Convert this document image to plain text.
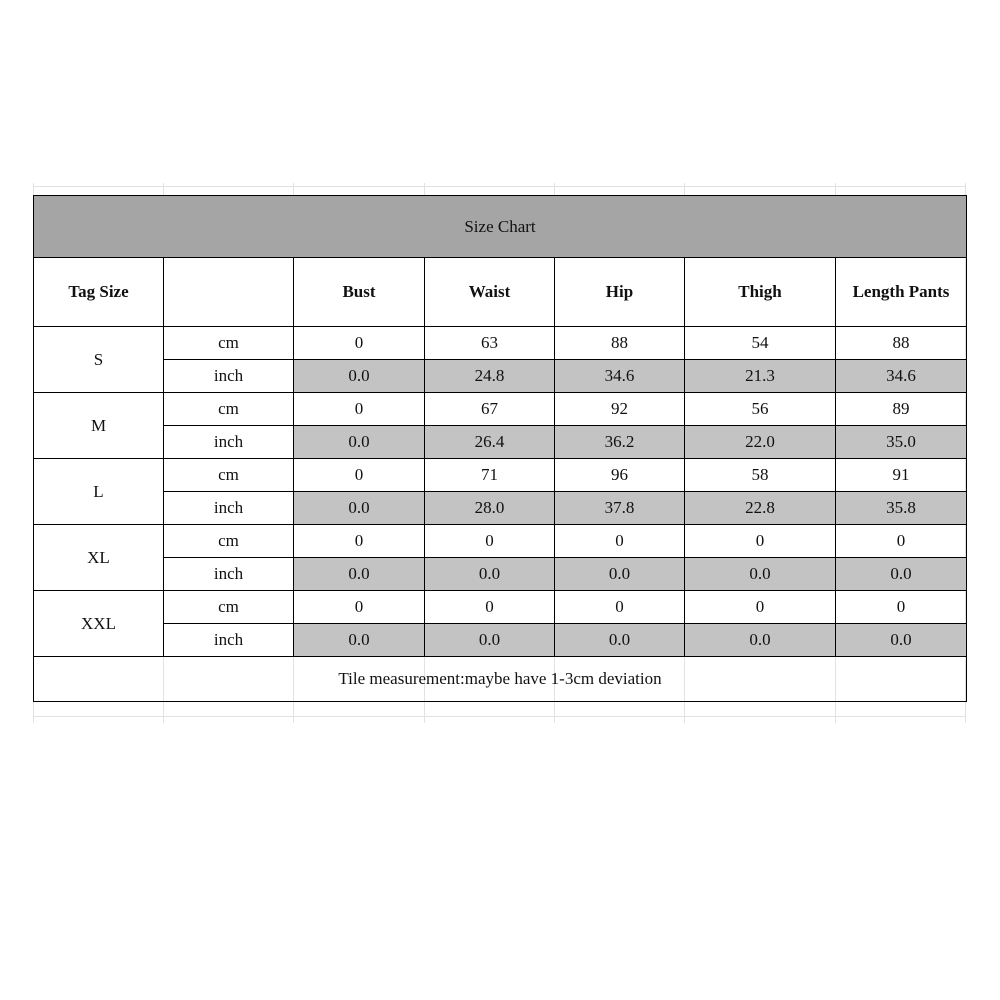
Size Chart						
Tag Size		Bust	Waist	Hip	Thigh	Length Pants
S	cm	0	63	88	54	88
	inch	0.0	24.8	34.6	21.3	34.6
M	cm	0	67	92	56	89
	inch	0.0	26.4	36.2	22.0	35.0
L	cm	0	71	96	58	91
	inch	0.0	28.0	37.8	22.8	35.8
XL	cm	0	0	0	0	0
	inch	0.0	0.0	0.0	0.0	0.0
XXL	cm	0	0	0	0	0
	inch	0.0	0.0	0.0	0.0	0.0
Tile measurement:maybe have 1-3cm deviation						
